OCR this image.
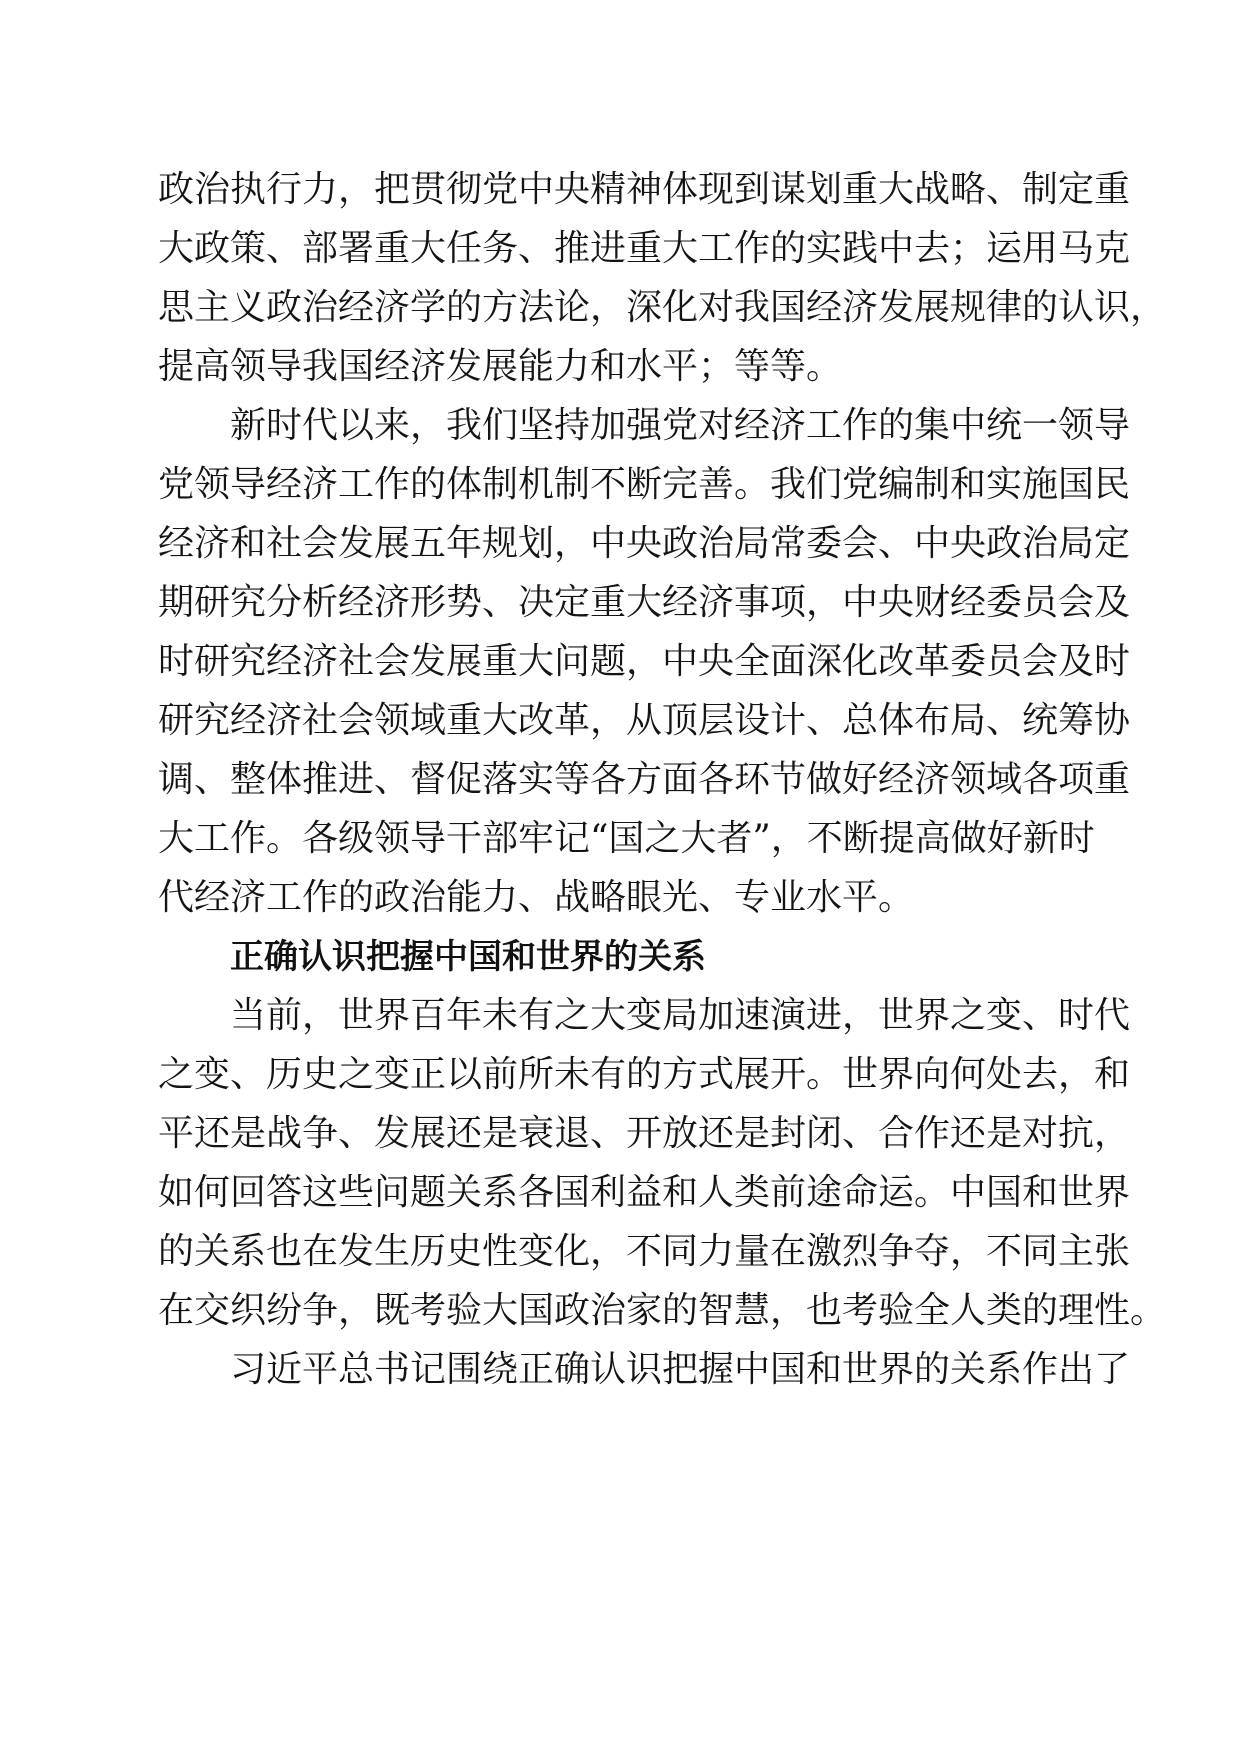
政治执行力，把贯彻党中央精神体现到谋划重大战略、制定重
大政策、部署重大任务、推进重大工作的实践中去；运用马克
思主义政治经济学的方法论，深化对我国经济发展规律的认识，
提高领导我国经济发展能力和水平；等等。
新时代以来，我们坚持加强党对经济工作的集中统一领导
党领导经济工作的体制机制不断完善。我们党编制和实施国民
经济和社会发展五年规划，中央政治局常委会、中央政治局定
期研究分析经济形势、决定重大经济事项，中央财经委员会及
时研究经济社会发展重大问题，中央全面深化改革委员会及时
研究经济社会领域重大改革，从顶层设计、总体布局、统筹协
调、整体推进、督促落实等各方面各环节做好经济领域各项重
大工作。各级领导干部牢记“国之大者”，不断提高做好新时
代经济工作的政治能力、战略眼光、专业水平。
正确认识把握中国和世界的关系
当前，世界百年未有之大变局加速演进，世界之变、时代
之变、历史之变正以前所未有的方式展开。世界向何处去，和
平还是战争、发展还是衰退、开放还是封闭、合作还是对抗，
如何回答这些问题关系各国利益和人类前途命运。中国和世界
的关系也在发生历史性变化，不同力量在激烈争夺，不同主张
在交织纷争，既考验大国政治家的智慧，也考验全人类的理性。
习近平总书记围绕正确认识把握中国和世界的关系作出了
